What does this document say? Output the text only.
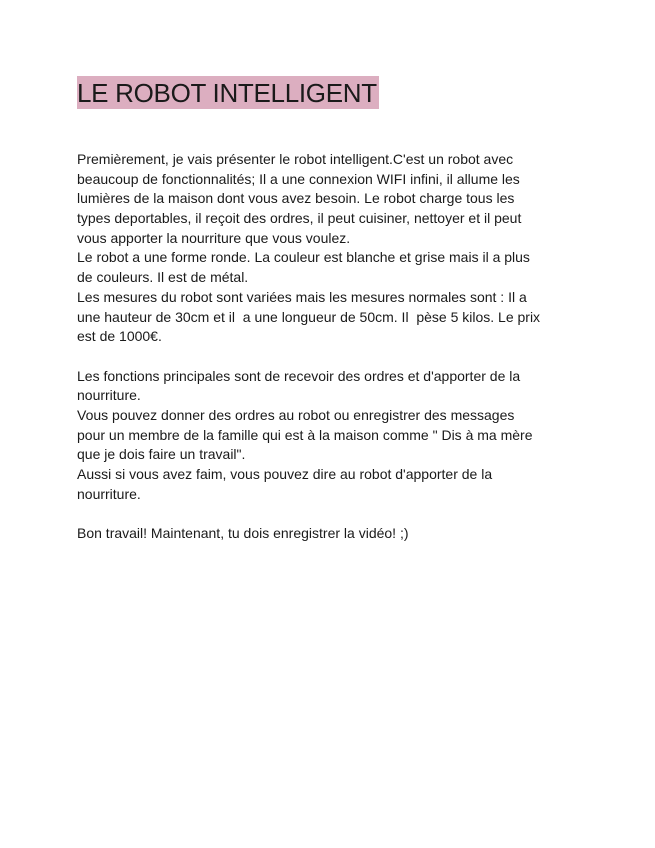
LE ROBOT INTELLIGENT
Premièrement, je vais présenter le robot intelligent.C'est un robot avec
beaucoup de fonctionnalités; Il a une connexion WIFI infini, il allume les
lumières de la maison dont vous avez besoin. Le robot charge tous les
types deportables, il reçoit des ordres, il peut cuisiner, nettoyer et il peut
vous apporter la nourriture que vous voulez.
Le robot a une forme ronde. La couleur est blanche et grise mais il a plus
de couleurs. Il est de métal.
Les mesures du robot sont variées mais les mesures normales sont : Il a
une hauteur de 30cm et il  a une longueur de 50cm. Il  pèse 5 kilos. Le prix
est de 1000€.
Les fonctions principales sont de recevoir des ordres et d'apporter de la
nourriture.
Vous pouvez donner des ordres au robot ou enregistrer des messages
pour un membre de la famille qui est à la maison comme " Dis à ma mère
que je dois faire un travail".
Aussi si vous avez faim, vous pouvez dire au robot d'apporter de la
nourriture.
Bon travail! Maintenant, tu dois enregistrer la vidéo! ;)
